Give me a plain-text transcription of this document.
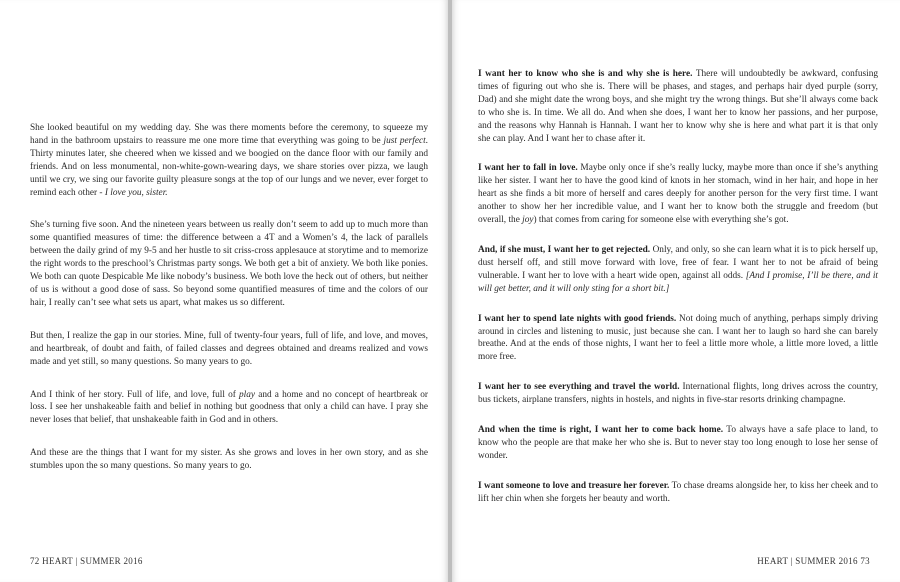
She looked beautiful on my wedding day. She was there moments before the ceremony, to squeeze my hand in the bathroom upstairs to reassure me one more time that everything was going to be just perfect. Thirty minutes later, she cheered when we kissed and we boogied on the dance floor with our family and friends. And on less monumental, non-white-gown-wearing days, we share stories over pizza, we laugh until we cry, we sing our favorite guilty pleasure songs at the top of our lungs and we never, ever forget to remind each other - I love you, sister.

She’s turning five soon. And the nineteen years between us really don’t seem to add up to much more than some quantified measures of time: the difference between a 4T and a Women’s 4, the lack of parallels between the daily grind of my 9-5 and her hustle to sit criss-cross applesauce at storytime and to memorize the right words to the preschool’s Christmas party songs. We both get a bit of anxiety. We both like ponies. We both can quote Despicable Me like nobody’s business. We both love the heck out of others, but neither of us is without a good dose of sass. So beyond some quantified measures of time and the colors of our hair, I really can’t see what sets us apart, what makes us so different.

But then, I realize the gap in our stories. Mine, full of twenty-four years, full of life, and love, and moves, and heartbreak, of doubt and faith, of failed classes and degrees obtained and dreams realized and vows made and yet still, so many questions. So many years to go.

And I think of her story. Full of life, and love, full of play and a home and no concept of heartbreak or loss. I see her unshakeable faith and belief in nothing but goodness that only a child can have. I pray she never loses that belief, that unshakeable faith in God and in others.

And these are the things that I want for my sister. As she grows and loves in her own story, and as she stumbles upon the so many questions. So many years to go.

72 HEART | SUMMER 2016

I want her to know who she is and why she is here. There will undoubtedly be awkward, confusing times of figuring out who she is. There will be phases, and stages, and perhaps hair dyed purple (sorry, Dad) and she might date the wrong boys, and she might try the wrong things. But she’ll always come back to who she is. In time. We all do. And when she does, I want her to know her passions, and her purpose, and the reasons why Hannah is Hannah. I want her to know why she is here and what part it is that only she can play. And I want her to chase after it.

I want her to fall in love. Maybe only once if she’s really lucky, maybe more than once if she’s anything like her sister. I want her to have the good kind of knots in her stomach, wind in her hair, and hope in her heart as she finds a bit more of herself and cares deeply for another person for the very first time. I want another to show her her incredible value, and I want her to know both the struggle and freedom (but overall, the joy) that comes from caring for someone else with everything she’s got.

And, if she must, I want her to get rejected. Only, and only, so she can learn what it is to pick herself up, dust herself off, and still move forward with love, free of fear. I want her to not be afraid of being vulnerable. I want her to love with a heart wide open, against all odds. [And I promise, I’ll be there, and it will get better, and it will only sting for a short bit.]

I want her to spend late nights with good friends. Not doing much of anything, perhaps simply driving around in circles and listening to music, just because she can. I want her to laugh so hard she can barely breathe. And at the ends of those nights, I want her to feel a little more whole, a little more loved, a little more free.

I want her to see everything and travel the world. International flights, long drives across the country, bus tickets, airplane transfers, nights in hostels, and nights in five-star resorts drinking champagne.

And when the time is right, I want her to come back home. To always have a safe place to land, to know who the people are that make her who she is. But to never stay too long enough to lose her sense of wonder.

I want someone to love and treasure her forever. To chase dreams alongside her, to kiss her cheek and to lift her chin when she forgets her beauty and worth.

HEART | SUMMER 2016 73
